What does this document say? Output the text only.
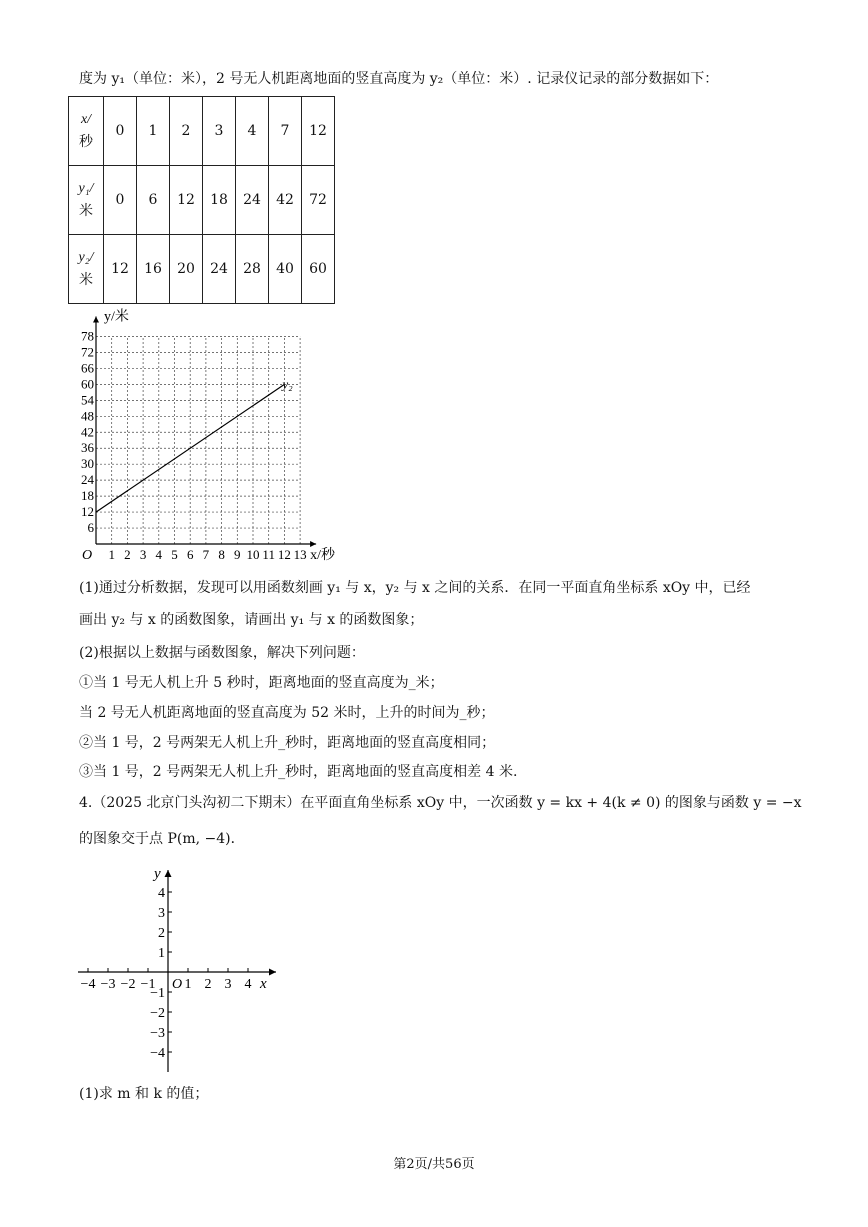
度为 y₁（单位：米），2 号无人机距离地面的竖直高度为 y₂（单位：米）. 记录仪记录的部分数据如下：
x/
秒	0	1	2	3	4	7	12

y₁/
米	0	6	12	18	24	42	72

y₂/
米	12	16	20	24	28	40	60
1 2 3 4 5 6 7 8 9 10 11 12 13
6
12
18
24
30
36
42
48
54
60
66
72
78
O
y/米
x/秒
y₂
(1)通过分析数据，发现可以用函数刻画 y₁ 与 x，y₂ 与 x 之间的关系．在同一平面直角坐标系 xOy 中，已经
画出 y₂ 与 x 的函数图象，请画出 y₁ 与 x 的函数图象；
(2)根据以上数据与函数图象，解决下列问题：
①当 1 号无人机上升 5 秒时，距离地面的竖直高度为_米；
当 2 号无人机距离地面的竖直高度为 52 米时，上升的时间为_秒；
②当 1 号，2 号两架无人机上升_秒时，距离地面的竖直高度相同；
③当 1 号，2 号两架无人机上升_秒时，距离地面的竖直高度相差 4 米.
4.（2025 北京门头沟初二下期末）在平面直角坐标系 xOy 中，一次函数 y = kx + 4(k ≠ 0) 的图象与函数 y = −x
的图象交于点 P(m, −4)．
−4 −3 −2 −1 1 2 3 4
4
3
2
1
−1
−2
−3
−4
O
y
x
(1)求 m 和 k 的值；
第2页/共56页
